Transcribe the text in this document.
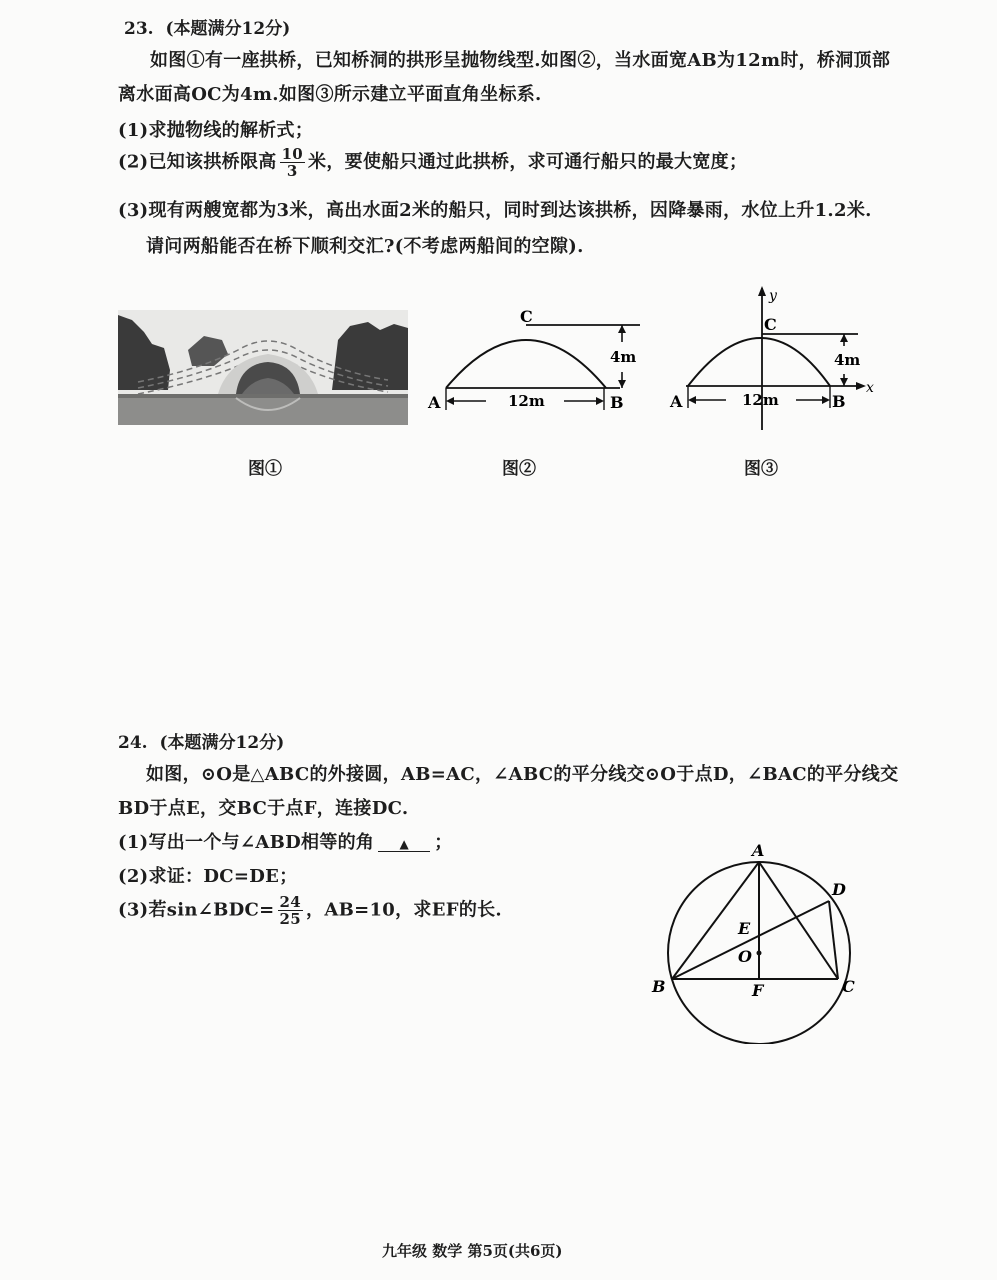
23. (本题满分12分)
如图①有一座拱桥，已知桥洞的拱形呈抛物线型.如图②，当水面宽AB为12m时，桥洞顶部
离水面高OC为4m.如图③所示建立平面直角坐标系.
(1)求抛物线的解析式；
(2)已知该拱桥限高 $\frac{10}{3}$ 米，要使船只通过此拱桥，求可通行船只的最大宽度；
(3)现有两艘宽都为3米，高出水面2米的船只，同时到达该拱桥，因降暴雨，水位上升1.2米.
请问两船能否在桥下顺利交汇?(不考虑两船间的空隙).
C
A	B
4m
12m
y
x
C
A	B
4m
12m
图①	图②	图③
24. (本题满分12分)
如图，⊙O是△ABC的外接圆，AB=AC，∠ABC的平分线交⊙O于点D，∠BAC的平分线交
BD于点E，交BC于点F，连接DC.
(1)写出一个与∠ABD相等的角 ▲ ；
(2)求证：DC=DE；
(3)若sin∠BDC= $\frac{24}{25}$ ，AB=10，求EF的长.
A
D
E
O
B	F	C
九年级 数学 第5页(共6页)
